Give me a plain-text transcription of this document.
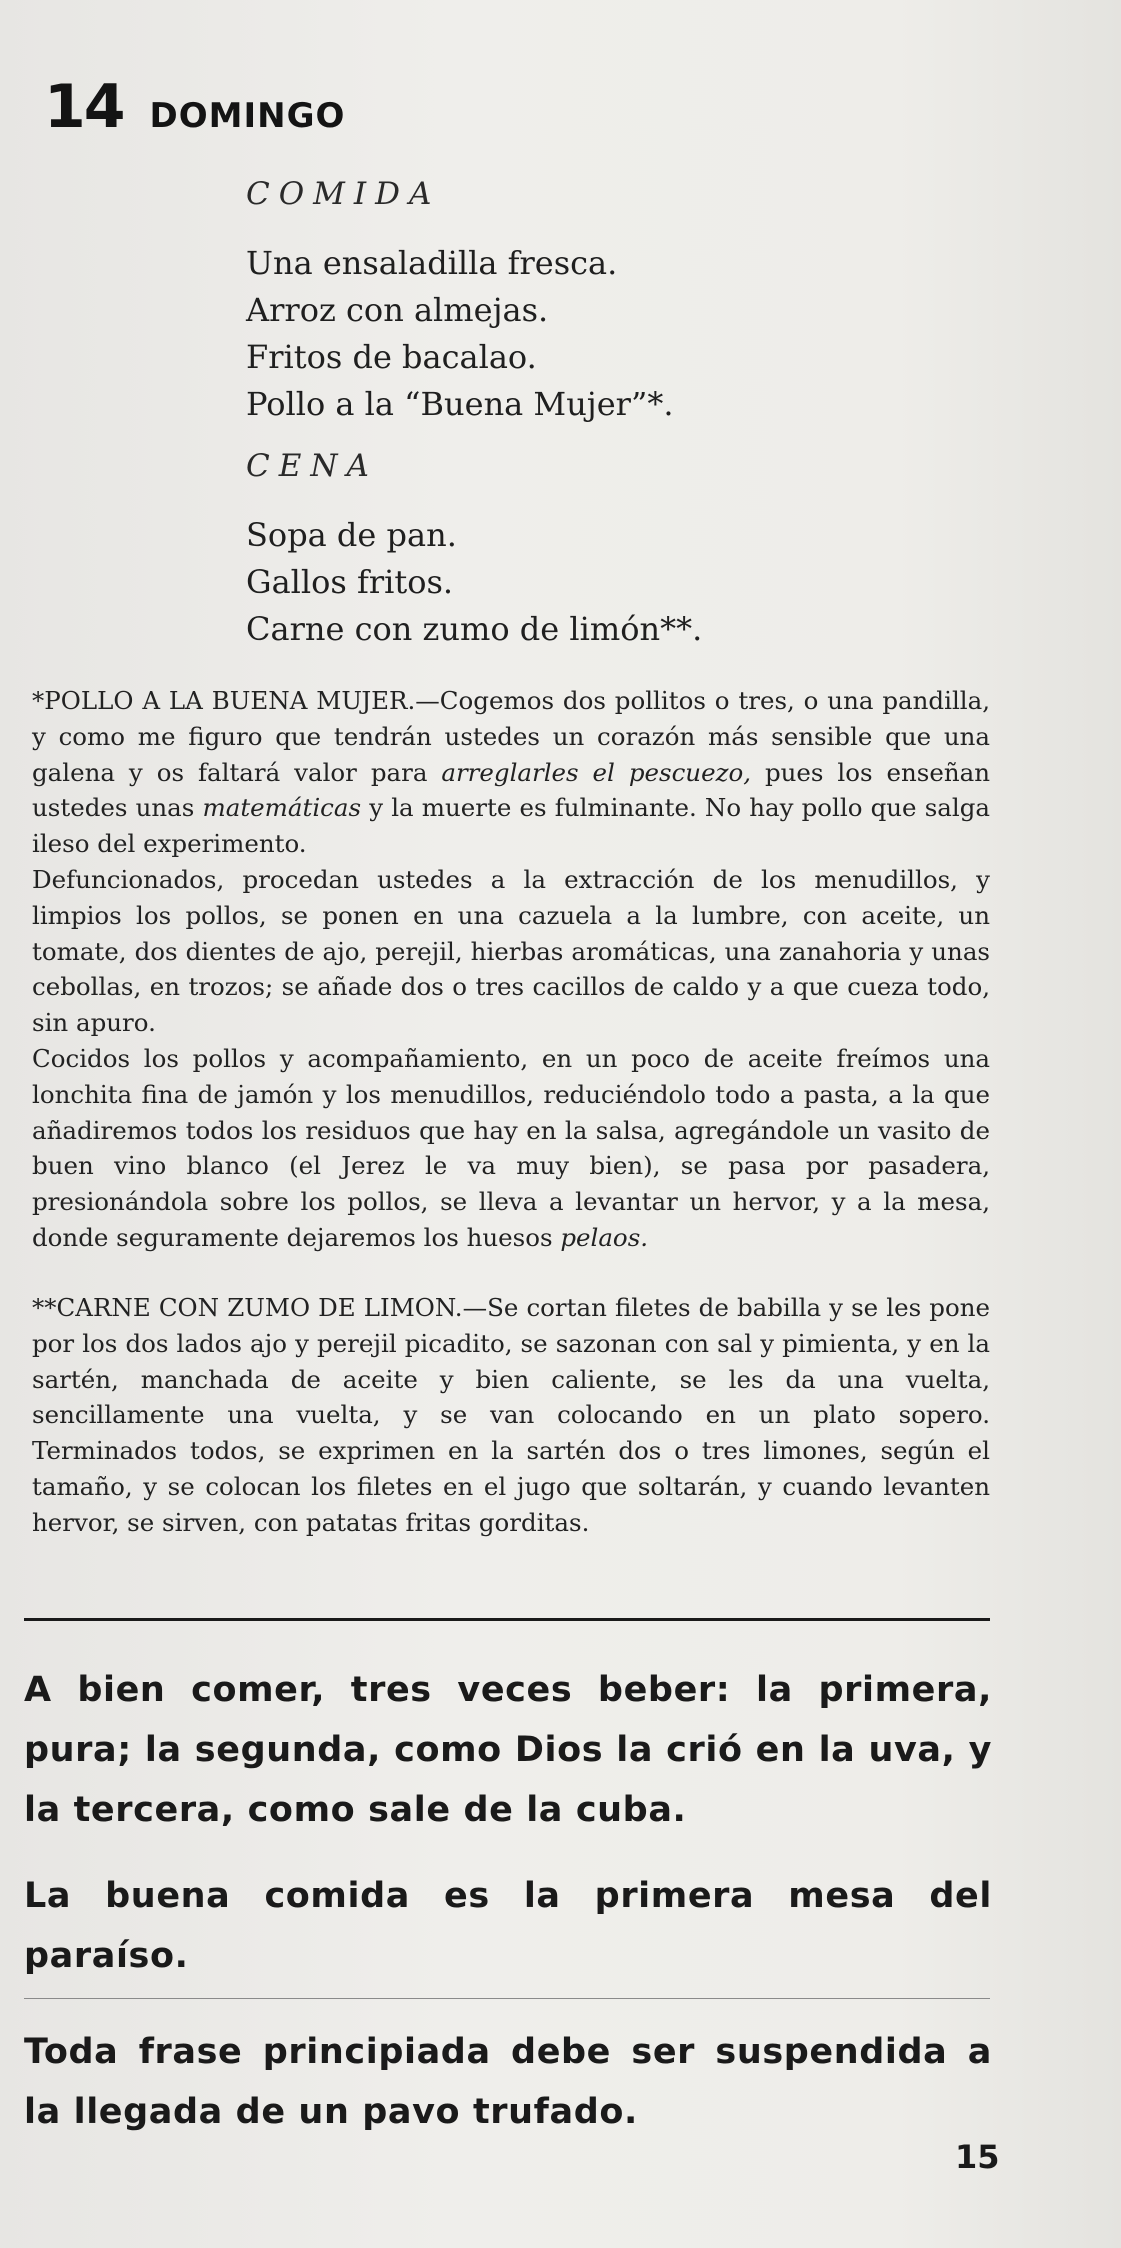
14 DOMINGO
COMIDA
Una ensaladilla fresca.
Arroz con almejas.
Fritos de bacalao.
Pollo a la “Buena Mujer”*.
CENA
Sopa de pan.
Gallos fritos.
Carne con zumo de limón**.

*POLLO A LA BUENA MUJER.—Cogemos dos pollitos o tres, o una pandilla, y como me figuro que tendrán ustedes un corazón más sensible que una galena y os faltará valor para arreglarles el pescuezo, pues los enseñan ustedes unas matemáticas y la muerte es fulminante. No hay pollo que salga ileso del experimento.

Defuncionados, procedan ustedes a la extracción de los menudillos, y limpios los pollos, se ponen en una cazuela a la lumbre, con aceite, un tomate, dos dientes de ajo, perejil, hierbas aromáticas, una zanahoria y unas cebollas, en trozos; se añade dos o tres cacillos de caldo y a que cueza todo, sin apuro.

Cocidos los pollos y acompañamiento, en un poco de aceite freímos una lonchita fina de jamón y los menudillos, reduciéndolo todo a pasta, a la que añadiremos todos los residuos que hay en la salsa, agregándole un vasito de buen vino blanco (el Jerez le va muy bien), se pasa por pasadera, presionándola sobre los pollos, se lleva a levantar un hervor, y a la mesa, donde seguramente dejaremos los huesos pelaos.

**CARNE CON ZUMO DE LIMON.—Se cortan filetes de babilla y se les pone por los dos lados ajo y perejil picadito, se sazonan con sal y pimienta, y en la sartén, manchada de aceite y bien caliente, se les da una vuelta, sencillamente una vuelta, y se van colocando en un plato sopero. Terminados todos, se exprimen en la sartén dos o tres limones, según el tamaño, y se colocan los filetes en el jugo que soltarán, y cuando levanten hervor, se sirven, con patatas fritas gorditas.

A bien comer, tres veces beber: la primera, pura; la segunda, como Dios la crió en la uva, y la tercera, como sale de la cuba.
La buena comida es la primera mesa del paraíso.
Toda frase principiada debe ser suspendida a la llegada de un pavo trufado.
15
